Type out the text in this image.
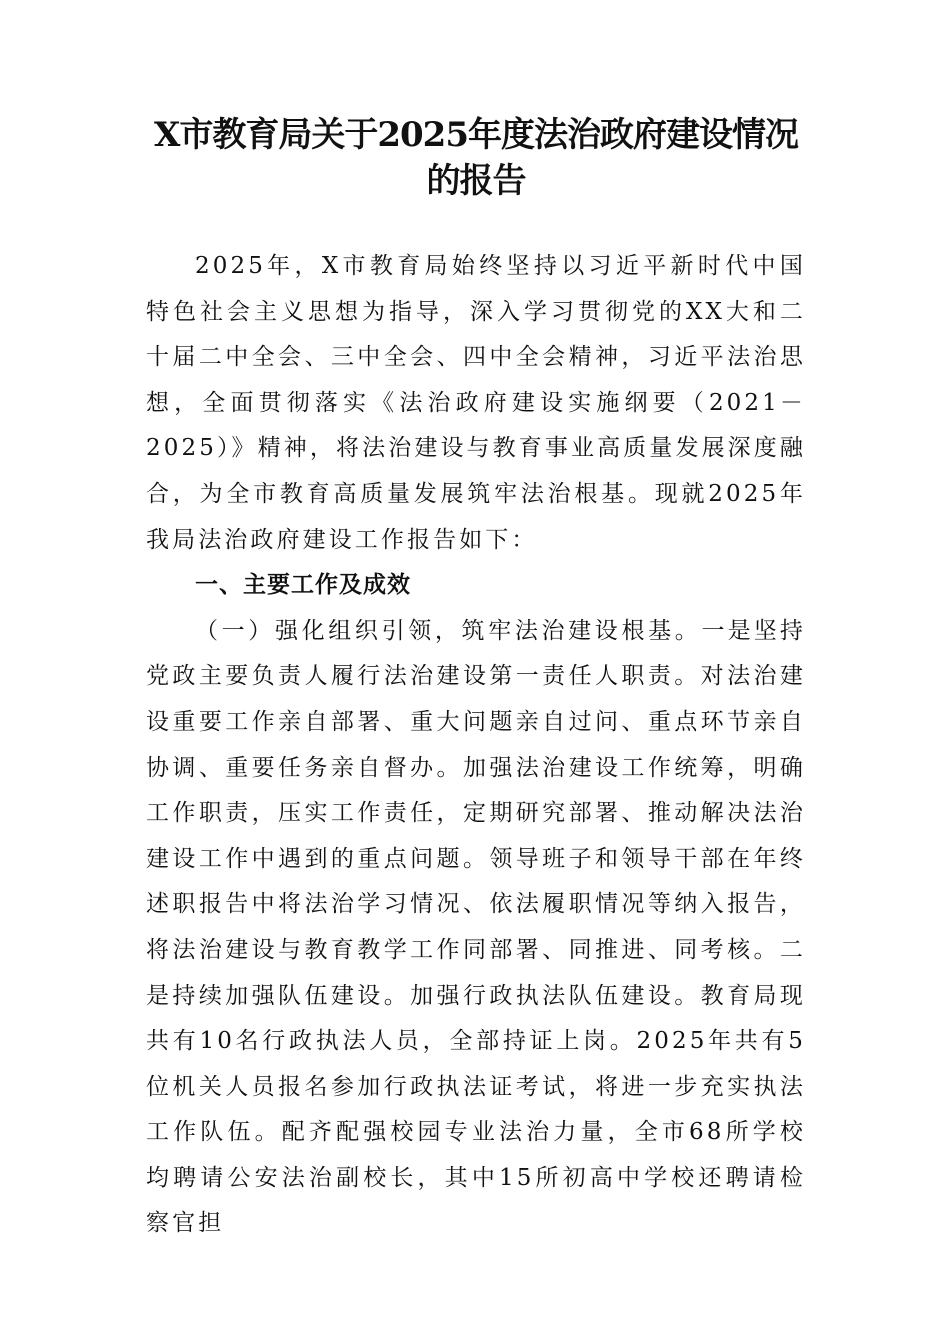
X市教育局关于2025年度法治政府建设情况的报告

2025年，X市教育局始终坚持以习近平新时代中国特色社会主义思想为指导，深入学习贯彻党的XX大和二十届二中全会、三中全会、四中全会精神，习近平法治思想，全面贯彻落实《法治政府建设实施纲要（2021－2025）》精神，将法治建设与教育事业高质量发展深度融合，为全市教育高质量发展筑牢法治根基。现就2025年我局法治政府建设工作报告如下：

一、主要工作及成效

（一）强化组织引领，筑牢法治建设根基。一是坚持党政主要负责人履行法治建设第一责任人职责。对法治建设重要工作亲自部署、重大问题亲自过问、重点环节亲自协调、重要任务亲自督办。加强法治建设工作统筹，明确工作职责，压实工作责任，定期研究部署、推动解决法治建设工作中遇到的重点问题。领导班子和领导干部在年终述职报告中将法治学习情况、依法履职情况等纳入报告，将法治建设与教育教学工作同部署、同推进、同考核。二是持续加强队伍建设。加强行政执法队伍建设。教育局现共有10名行政执法人员，全部持证上岗。2025年共有5位机关人员报名参加行政执法证考试，将进一步充实执法工作队伍。配齐配强校园专业法治力量，全市68所学校均聘请公安法治副校长，其中15所初高中学校还聘请检察官担
